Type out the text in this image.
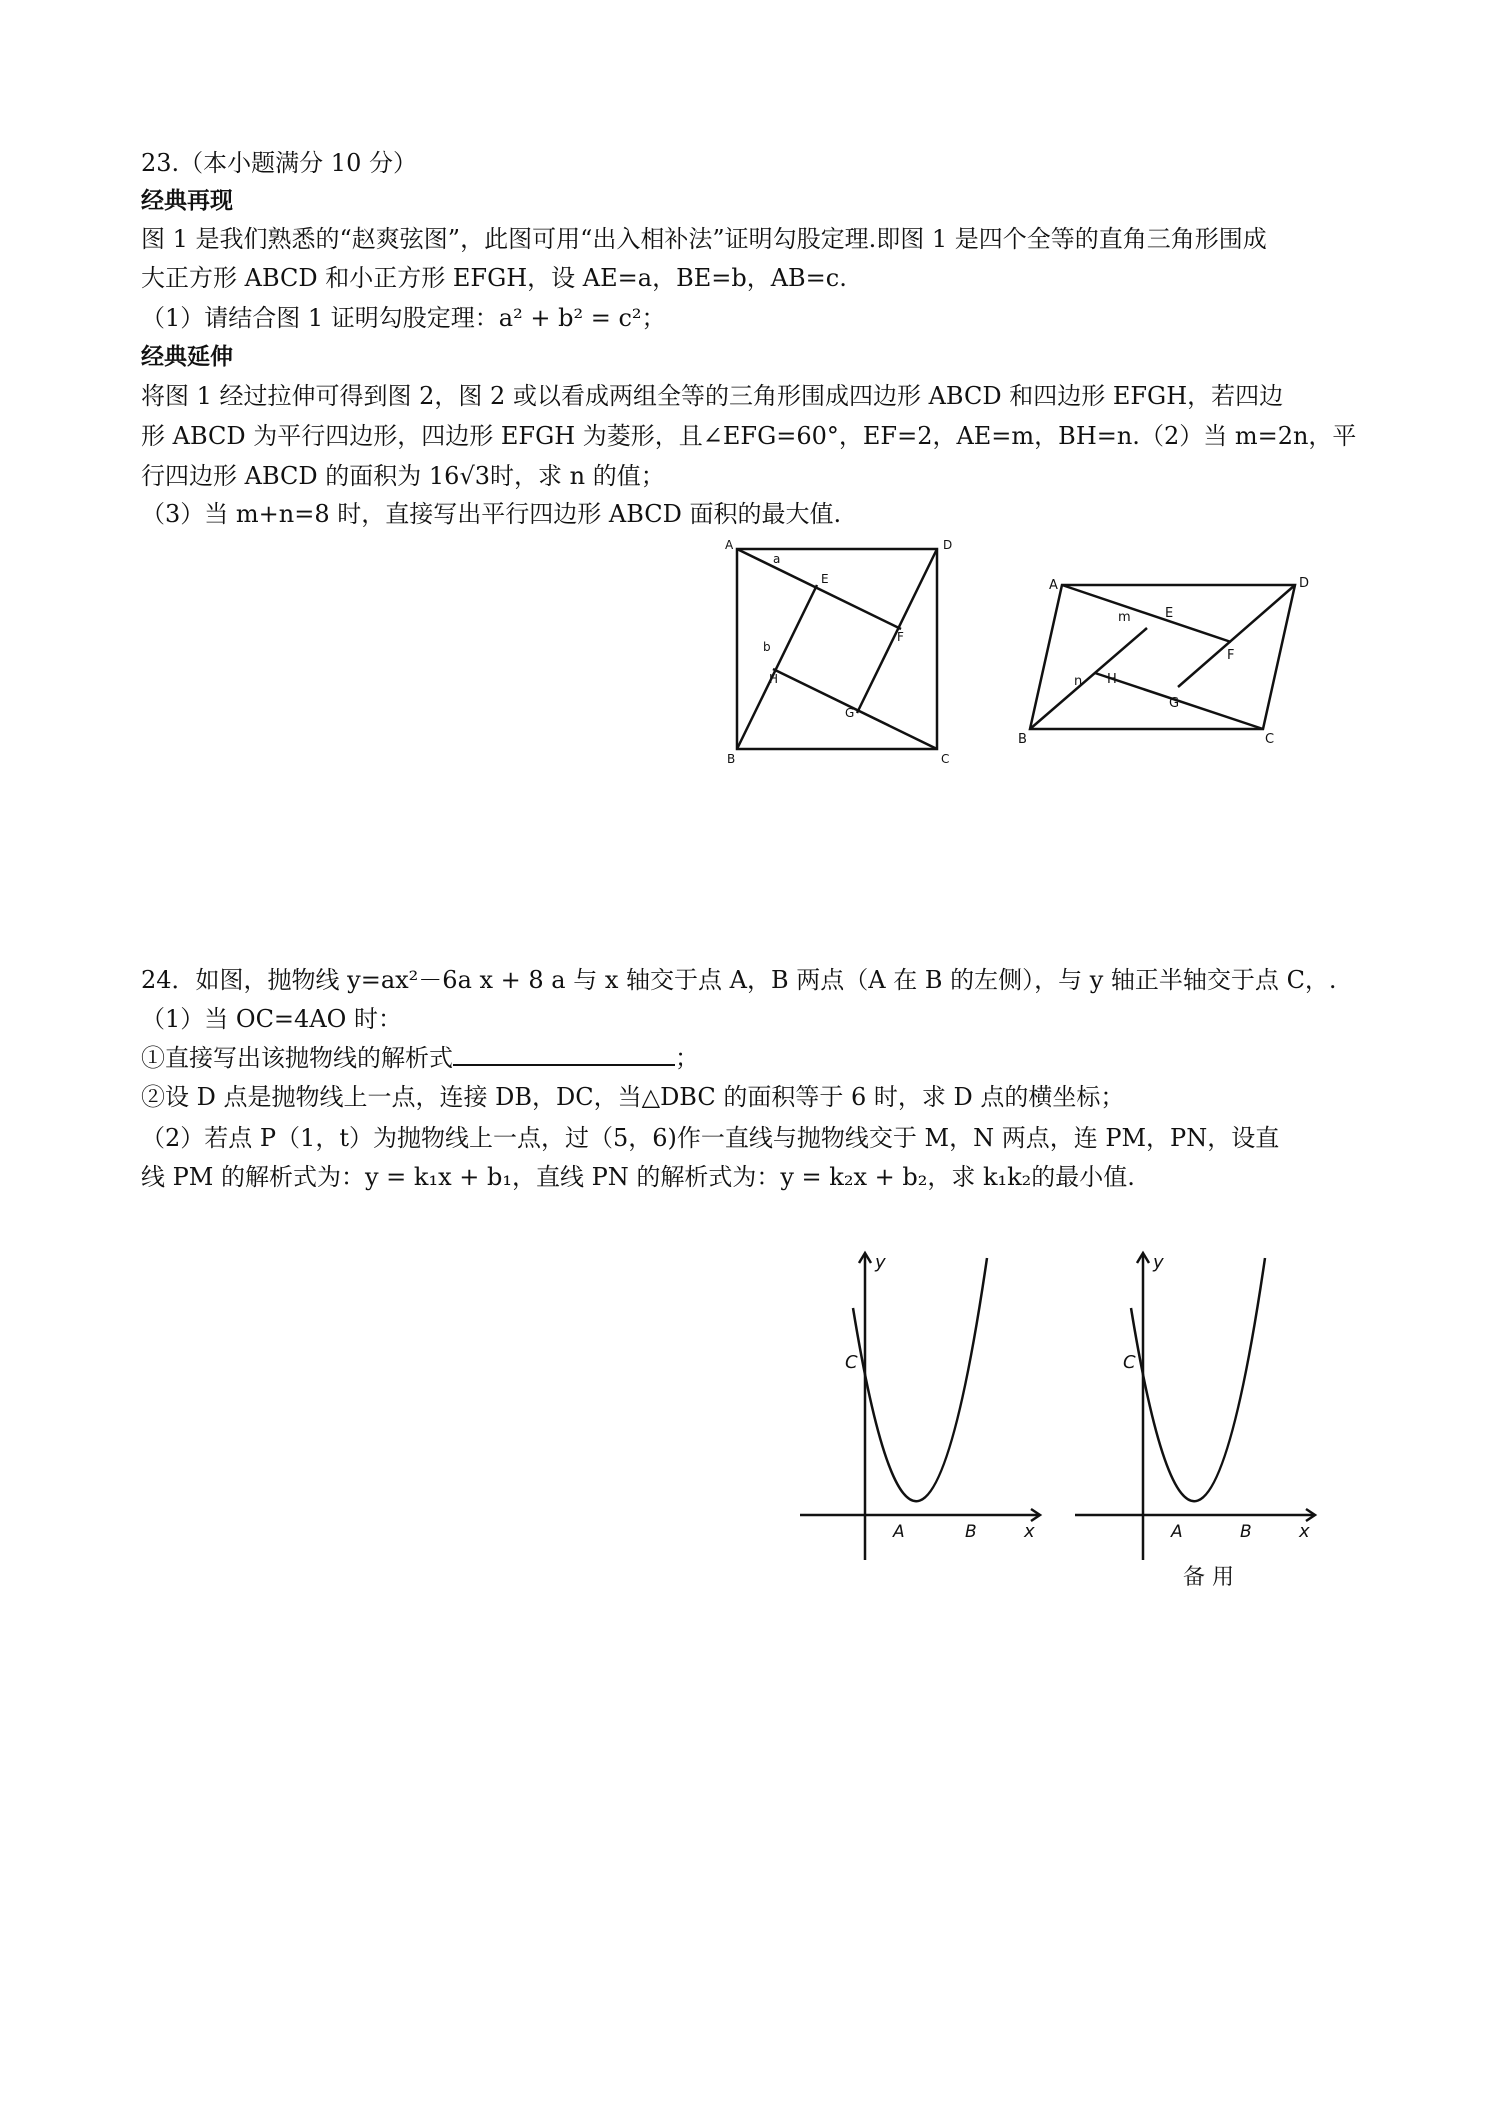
23.（本小题满分 10 分）
经典再现
图 1 是我们熟悉的“赵爽弦图”，此图可用“出入相补法”证明勾股定理.即图 1 是四个全等的直角三角形围成
大正方形 ABCD 和小正方形 EFGH，设 AE=a，BE=b，AB=c.
（1）请结合图 1 证明勾股定理：a² + b² = c²；
经典延伸
将图 1 经过拉伸可得到图 2，图 2 或以看成两组全等的三角形围成四边形 ABCD 和四边形 EFGH，若四边
形 ABCD 为平行四边形，四边形 EFGH 为菱形，且∠EFG=60°，EF=2，AE=m，BH=n.（2）当 m=2n，平
行四边形 ABCD 的面积为 16√3时，求 n 的值；
（3）当 m+n=8 时，直接写出平行四边形 ABCD 面积的最大值.
A	D
B	C
a
E
F
b
H
G
A	D
B	C
m	E
F
n H
G
24．如图，抛物线 y=ax²－6a x + 8 a 与 x 轴交于点 A，B 两点（A 在 B 的左侧），与 y 轴正半轴交于点 C，.
（1）当 OC=4AO 时：
①直接写出该抛物线的解析式	；
②设 D 点是抛物线上一点，连接 DB，DC，当△DBC 的面积等于 6 时，求 D 点的横坐标；
（2）若点 P（1，t）为抛物线上一点，过（5，6)作一直线与抛物线交于 M，N 两点，连 PM，PN，设直
线 PM 的解析式为：y = k₁x + b₁，直线 PN 的解析式为：y = k₂x + b₂，求 k₁k₂的最小值.
y
C
A	B	x
y
C
A	B	x
备 用
